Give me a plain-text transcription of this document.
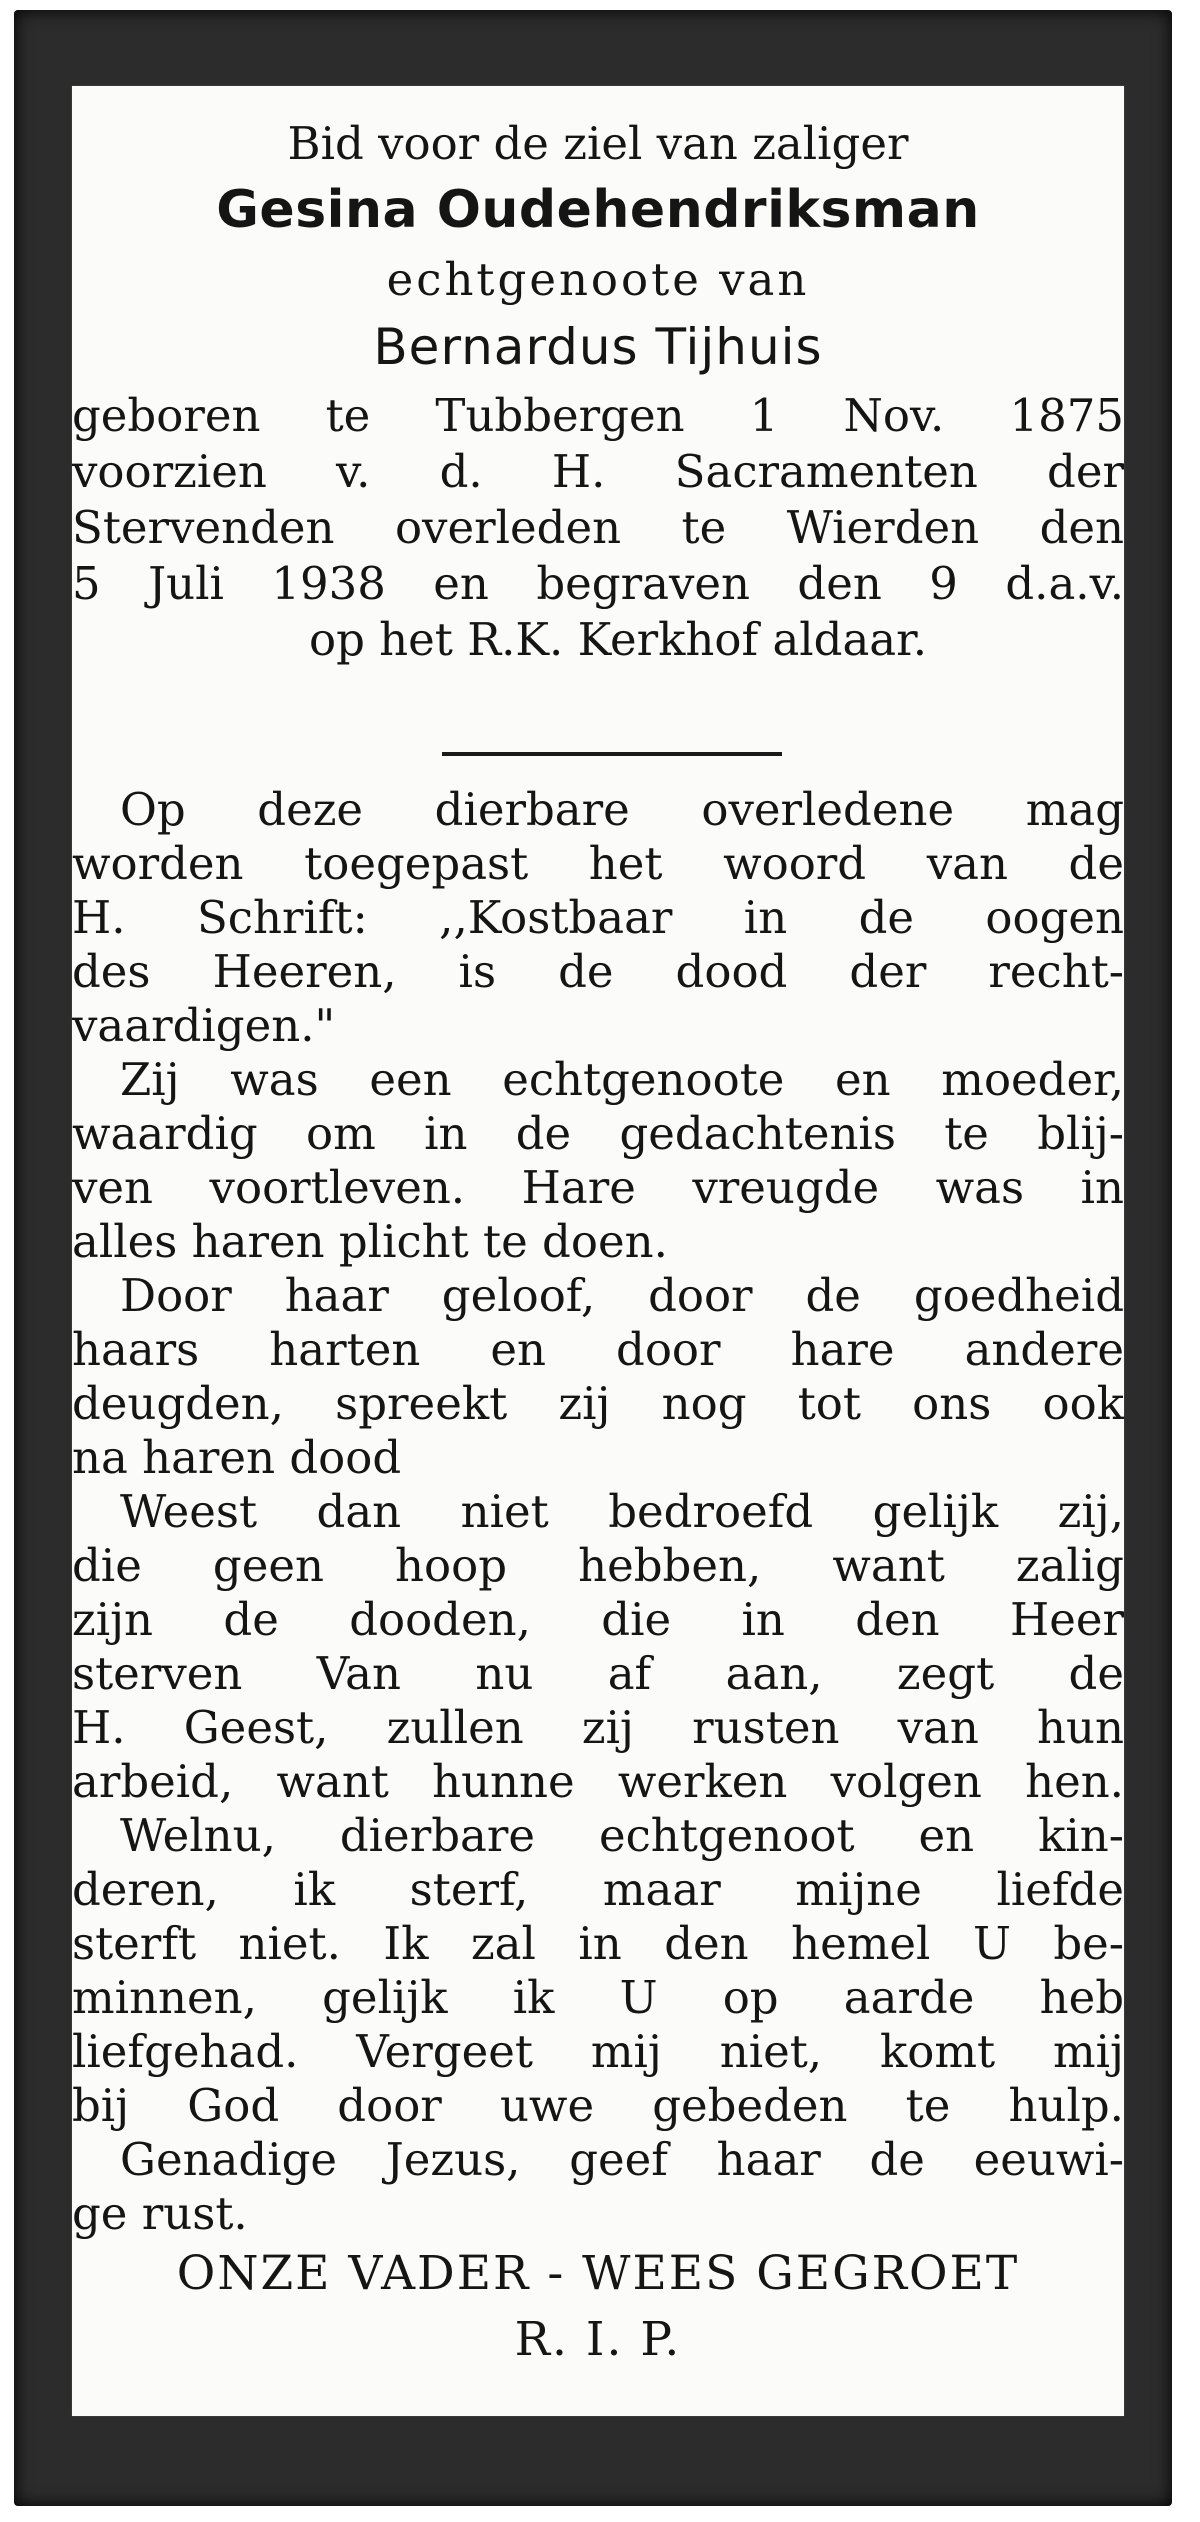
Bid voor de ziel van zaliger
Gesina Oudehendriksman
echtgenoote van
Bernardus Tijhuis
geboren te Tubbergen 1 Nov. 1875
voorzien v. d. H. Sacramenten der
Stervenden overleden te Wierden den
5 Juli 1938 en begraven den 9 d.a.v.
op het R.K. Kerkhof aldaar.
Op deze dierbare overledene mag
worden toegepast het woord van de
H. Schrift: ,,Kostbaar in de oogen
des Heeren, is de dood der recht-
vaardigen."
Zij was een echtgenoote en moeder,
waardig om in de gedachtenis te blij-
ven voortleven. Hare vreugde was in
alles haren plicht te doen.
Door haar geloof, door de goedheid
haars harten en door hare andere
deugden, spreekt zij nog tot ons ook
na haren dood
Weest dan niet bedroefd gelijk zij,
die geen hoop hebben, want zalig
zijn de dooden, die in den Heer
sterven Van nu af aan, zegt de
H. Geest, zullen zij rusten van hun
arbeid, want hunne werken volgen hen.
Welnu, dierbare echtgenoot en kin-
deren, ik sterf, maar mijne liefde
sterft niet. Ik zal in den hemel U be-
minnen, gelijk ik U op aarde heb
liefgehad. Vergeet mij niet, komt mij
bij God door uwe gebeden te hulp.
Genadige Jezus, geef haar de eeuwi-
ge rust.
ONZE VADER - WEES GEGROET
R. I. P.
